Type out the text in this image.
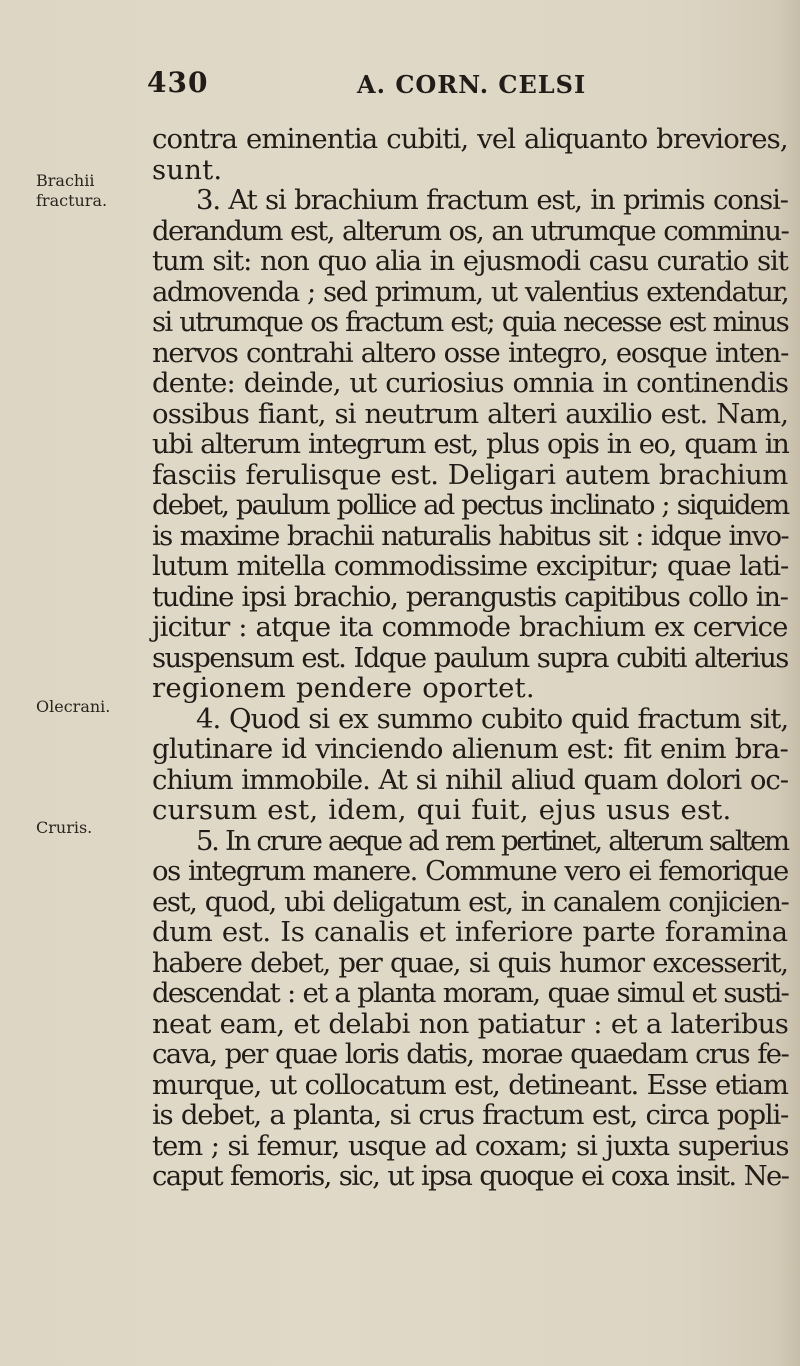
430	A. CORN. CELSI
Brachii
fractura.
Olecrani.
Cruris.
contra eminentia cubiti, vel aliquanto breviores,
sunt.
3. At si brachium fractum est, in primis consi-
derandum est, alterum os, an utrumque comminu-
tum sit: non quo alia in ejusmodi casu curatio sit
admovenda ; sed primum, ut valentius extendatur,
si utrumque os fractum est; quia necesse est minus
nervos contrahi altero osse integro, eosque inten-
dente: deinde, ut curiosius omnia in continendis
ossibus fiant, si neutrum alteri auxilio est. Nam,
ubi alterum integrum est, plus opis in eo, quam in
fasciis ferulisque est. Deligari autem brachium
debet, paulum pollice ad pectus inclinato ; siquidem
is maxime brachii naturalis habitus sit : idque invo-
lutum mitella commodissime excipitur; quae lati-
tudine ipsi brachio, perangustis capitibus collo in-
jicitur : atque ita commode brachium ex cervice
suspensum est. Idque paulum supra cubiti alterius
regionem pendere oportet.
4. Quod si ex summo cubito quid fractum sit,
glutinare id vinciendo alienum est: fit enim bra-
chium immobile. At si nihil aliud quam dolori oc-
cursum est, idem, qui fuit, ejus usus est.
5. In crure aeque ad rem pertinet, alterum saltem
os integrum manere. Commune vero ei femorique
est, quod, ubi deligatum est, in canalem conjicien-
dum est. Is canalis et inferiore parte foramina
habere debet, per quae, si quis humor excesserit,
descendat : et a planta moram, quae simul et susti-
neat eam, et delabi non patiatur : et a lateribus
cava, per quae loris datis, morae quaedam crus fe-
murque, ut collocatum est, detineant. Esse etiam
is debet, a planta, si crus fractum est, circa popli-
tem ; si femur, usque ad coxam; si juxta superius
caput femoris, sic, ut ipsa quoque ei coxa insit. Ne-
